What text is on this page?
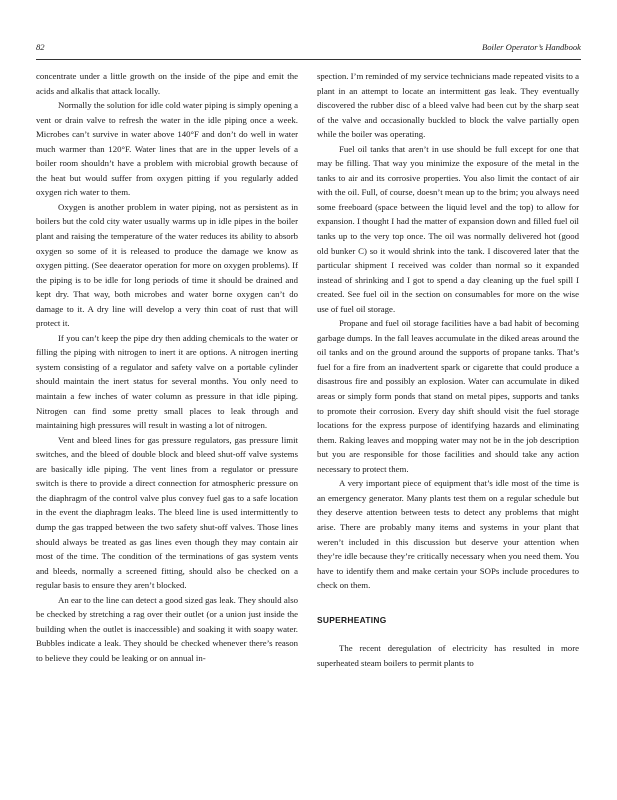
82	Boiler Operator’s Handbook

concentrate under a little growth on the inside of the pipe and emit the acids and alkalis that attack locally.

Normally the solution for idle cold water piping is simply opening a vent or drain valve to refresh the water in the idle piping once a week. Microbes can’t survive in water above 140°F and don’t do well in water much warmer than 120°F. Water lines that are in the upper levels of a boiler room shouldn’t have a problem with microbial growth because of the heat but would suffer from oxygen pitting if you regularly added oxygen rich water to them.

Oxygen is another problem in water piping, not as persistent as in boilers but the cold city water usually warms up in idle pipes in the boiler plant and raising the temperature of the water reduces its ability to absorb oxygen so some of it is released to produce the damage we know as oxygen pitting. (See deaerator operation for more on oxygen problems). If the piping is to be idle for long periods of time it should be drained and kept dry. That way, both microbes and water borne oxygen can’t do damage to it. A dry line will develop a very thin coat of rust that will protect it.

If you can’t keep the pipe dry then adding chemicals to the water or filling the piping with nitrogen to inert it are options. A nitrogen inerting system consisting of a regulator and safety valve on a portable cylinder should maintain the inert status for several months. You only need to maintain a few inches of water column as pressure in that idle piping. Nitrogen can find some pretty small places to leak through and maintaining high pressures will result in wasting a lot of nitrogen.

Vent and bleed lines for gas pressure regulators, gas pressure limit switches, and the bleed of double block and bleed shut-off valve systems are basically idle piping. The vent lines from a regulator or pressure switch is there to provide a direct connection for atmospheric pressure on the diaphragm of the control valve plus convey fuel gas to a safe location in the event the diaphragm leaks. The bleed line is used intermittently to dump the gas trapped between the two safety shut-off valves. Those lines should always be treated as gas lines even though they may contain air most of the time. The condition of the terminations of gas system vents and bleeds, normally a screened fitting, should also be checked on a regular basis to ensure they aren’t blocked.

An ear to the line can detect a good sized gas leak. They should also be checked by stretching a rag over their outlet (or a union just inside the building when the outlet is inaccessible) and soaking it with soapy water. Bubbles indicate a leak. They should be checked whenever there’s reason to believe they could be leaking or on annual in-

spection. I’m reminded of my service technicians made repeated visits to a plant in an attempt to locate an intermittent gas leak. They eventually discovered the rubber disc of a bleed valve had been cut by the sharp seat of the valve and occasionally buckled to block the valve partially open while the boiler was operating.

Fuel oil tanks that aren’t in use should be full except for one that may be filling. That way you minimize the exposure of the metal in the tanks to air and its corrosive properties. You also limit the contact of air with the oil. Full, of course, doesn’t mean up to the brim; you always need some freeboard (space between the liquid level and the top) to allow for expansion. I thought I had the matter of expansion down and filled fuel oil tanks up to the very top once. The oil was normally delivered hot (good old bunker C) so it would shrink into the tank. I discovered later that the particular shipment I received was colder than normal so it expanded instead of shrinking and I got to spend a day cleaning up the fuel spill I created. See fuel oil in the section on consumables for more on the wise use of fuel oil storage.

Propane and fuel oil storage facilities have a bad habit of becoming garbage dumps. In the fall leaves accumulate in the diked areas around the oil tanks and on the ground around the supports of propane tanks. That’s fuel for a fire from an inadvertent spark or cigarette that could produce a disastrous fire and possibly an explosion. Water can accumulate in diked areas or simply form ponds that stand on metal pipes, supports and tanks to promote their corrosion. Every day shift should visit the fuel storage locations for the express purpose of identifying hazards and eliminating them. Raking leaves and mopping water may not be in the job description but you are responsible for those facilities and should take any action necessary to protect them.

A very important piece of equipment that’s idle most of the time is an emergency generator. Many plants test them on a regular schedule but they deserve attention between tests to detect any problems that might arise. There are probably many items and systems in your plant that weren’t included in this discussion but deserve your attention when they’re idle because they’re critically necessary when you need them. You have to identify them and make certain your SOPs include procedures to check on them.

SUPERHEATING

The recent deregulation of electricity has resulted in more superheated steam boilers to permit plants to
